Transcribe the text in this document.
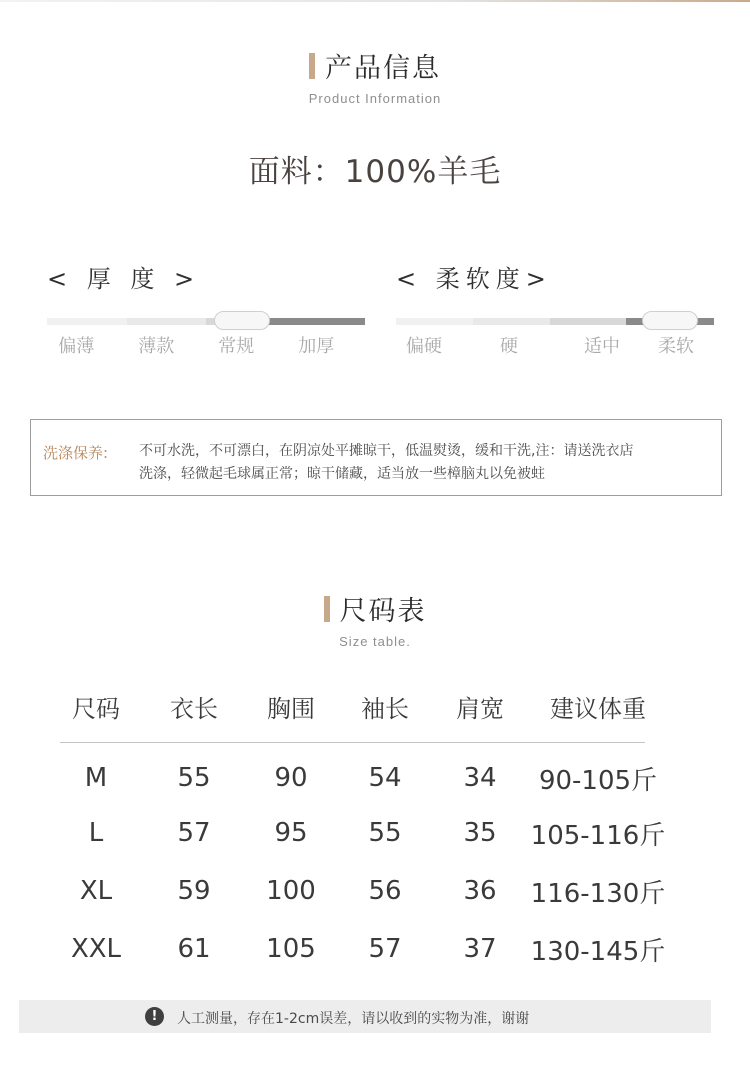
产品信息
Product Information
面料：100%羊毛
< 厚 度 >
偏薄	薄款	常规	加厚
< 柔软度>
偏硬	硬	适中	柔软
洗涤保养: 不可水洗，不可漂白，在阴凉处平摊晾干，低温熨烫，缓和干洗,注：请送洗衣店
洗涤，轻微起毛球属正常；晾干储藏，适当放一些樟脑丸以免被蛀
尺码表
Size table.
尺码	衣长	胸围	袖长	肩宽	建议体重

M	55	90	54	34	90-105斤
L	57	95	55	35	105-116斤
XL	59	100	56	36	116-130斤
XXL	61	105	57	37	130-145斤
!	人工测量，存在1-2cm误差，请以收到的实物为准，谢谢
